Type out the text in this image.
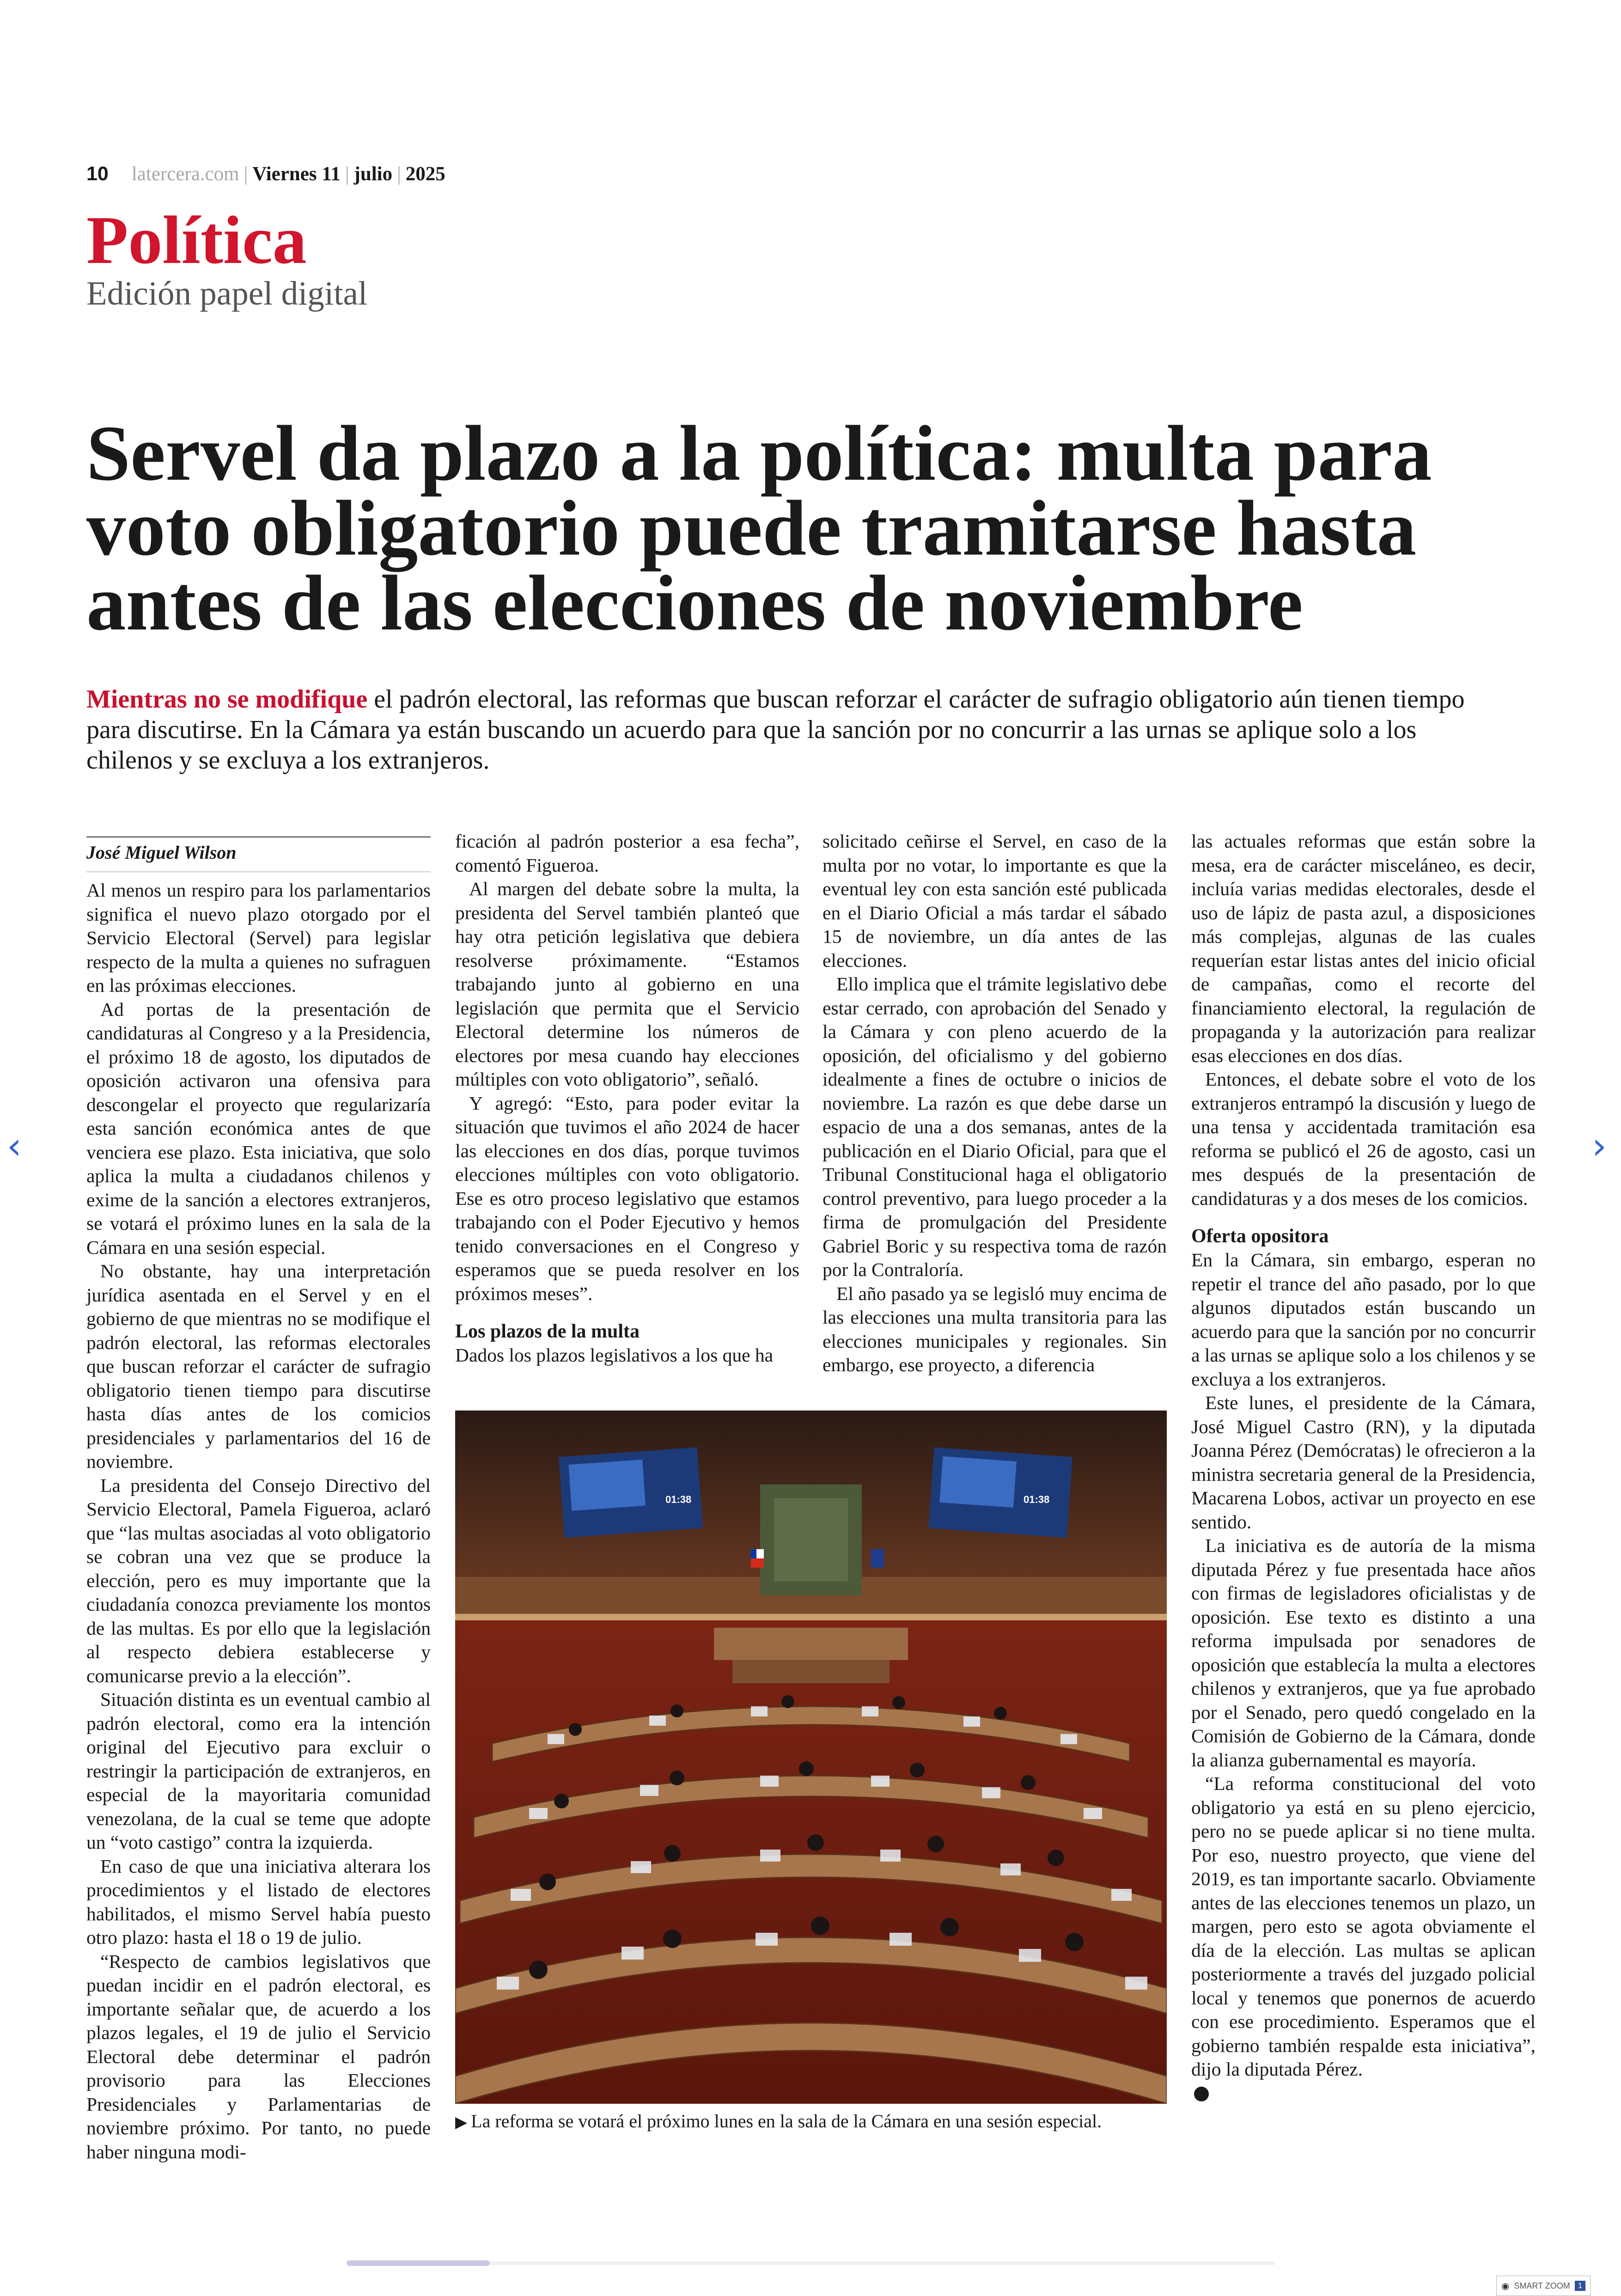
10 latercera.com | Viernes 11 | julio | 2025
Política
Edición papel digital
Servel da plazo a la política: multa para voto obligatorio puede tramitarse hasta antes de las elecciones de noviembre

Mientras no se modifique el padrón electoral, las reformas que buscan reforzar el carácter de sufragio obligatorio aún tienen tiempo para discutirse. En la Cámara ya están buscando un acuerdo para que la sanción por no concurrir a las urnas se aplique solo a los chilenos y se excluya a los extranjeros.

José Miguel Wilson

Al menos un respiro para los parlamentarios significa el nuevo plazo otorgado por el Servicio Electoral (Servel) para legislar respecto de la multa a quienes no sufraguen en las próximas elecciones.

Ad portas de la presentación de candidaturas al Congreso y a la Presidencia, el próximo 18 de agosto, los diputados de oposición activaron una ofensiva para descongelar el proyecto que regularizaría esta sanción económica antes de que venciera ese plazo. Esta iniciativa, que solo aplica la multa a ciudadanos chilenos y exime de la sanción a electores extranjeros, se votará el próximo lunes en la sala de la Cámara en una sesión especial.

No obstante, hay una interpretación jurídica asentada en el Servel y en el gobierno de que mientras no se modifique el padrón electoral, las reformas electorales que buscan reforzar el carácter de sufragio obligatorio tienen tiempo para discutirse hasta días antes de los comicios presidenciales y parlamentarios del 16 de noviembre.

La presidenta del Consejo Directivo del Servicio Electoral, Pamela Figueroa, aclaró que “las multas asociadas al voto obligatorio se cobran una vez que se produce la elección, pero es muy importante que la ciudadanía conozca previamente los montos de las multas. Es por ello que la legislación al respecto debiera establecerse y comunicarse previo a la elección”.

Situación distinta es un eventual cambio al padrón electoral, como era la intención original del Ejecutivo para excluir o restringir la participación de extranjeros, en especial de la mayoritaria comunidad venezolana, de la cual se teme que adopte un “voto castigo” contra la izquierda.

En caso de que una iniciativa alterara los procedimientos y el listado de electores habilitados, el mismo Servel había puesto otro plazo: hasta el 18 o 19 de julio.

“Respecto de cambios legislativos que puedan incidir en el padrón electoral, es importante señalar que, de acuerdo a los plazos legales, el 19 de julio el Servicio Electoral debe determinar el padrón provisorio para las Elecciones Presidenciales y Parlamentarias de noviembre próximo. Por tanto, no puede haber ninguna modi-

ficación al padrón posterior a esa fecha”, comentó Figueroa.

Al margen del debate sobre la multa, la presidenta del Servel también planteó que hay otra petición legislativa que debiera resolverse próximamente. “Estamos trabajando junto al gobierno en una legislación que permita que el Servicio Electoral determine los números de electores por mesa cuando hay elecciones múltiples con voto obligatorio”, señaló.

Y agregó: “Esto, para poder evitar la situación que tuvimos el año 2024 de hacer las elecciones en dos días, porque tuvimos elecciones múltiples con voto obligatorio. Ese es otro proceso legislativo que estamos trabajando con el Poder Ejecutivo y hemos tenido conversaciones en el Congreso y esperamos que se pueda resolver en los próximos meses”.

Los plazos de la multa

Dados los plazos legislativos a los que ha

solicitado ceñirse el Servel, en caso de la multa por no votar, lo importante es que la eventual ley con esta sanción esté publicada en el Diario Oficial a más tardar el sábado 15 de noviembre, un día antes de las elecciones.

Ello implica que el trámite legislativo debe estar cerrado, con aprobación del Senado y la Cámara y con pleno acuerdo de la oposición, del oficialismo y del gobierno idealmente a fines de octubre o inicios de noviembre. La razón es que debe darse un espacio de una a dos semanas, antes de la publicación en el Diario Oficial, para que el Tribunal Constitucional haga el obligatorio control preventivo, para luego proceder a la firma de promulgación del Presidente Gabriel Boric y su respectiva toma de razón por la Contraloría.

El año pasado ya se legisló muy encima de las elecciones una multa transitoria para las elecciones municipales y regionales. Sin embargo, ese proyecto, a diferencia

las actuales reformas que están sobre la mesa, era de carácter misceláneo, es decir, incluía varias medidas electorales, desde el uso de lápiz de pasta azul, a disposiciones más complejas, algunas de las cuales requerían estar listas antes del inicio oficial de campañas, como el recorte del financiamiento electoral, la regulación de propaganda y la autorización para realizar esas elecciones en dos días.

Entonces, el debate sobre el voto de los extranjeros entrampó la discusión y luego de una tensa y accidentada tramitación esa reforma se publicó el 26 de agosto, casi un mes después de la presentación de candidaturas y a dos meses de los comicios.

Oferta opositora

En la Cámara, sin embargo, esperan no repetir el trance del año pasado, por lo que algunos diputados están buscando un acuerdo para que la sanción por no concurrir a las urnas se aplique solo a los chilenos y se excluya a los extranjeros.

Este lunes, el presidente de la Cámara, José Miguel Castro (RN), y la diputada Joanna Pérez (Demócratas) le ofrecieron a la ministra secretaria general de la Presidencia, Macarena Lobos, activar un proyecto en ese sentido.

La iniciativa es de autoría de la misma diputada Pérez y fue presentada hace años con firmas de legisladores oficialistas y de oposición. Ese texto es distinto a una reforma impulsada por senadores de oposición que establecía la multa a electores chilenos y extranjeros, que ya fue aprobado por el Senado, pero quedó congelado en la Comisión de Gobierno de la Cámara, donde la alianza gubernamental es mayoría.

“La reforma constitucional del voto obligatorio ya está en su pleno ejercicio, pero no se puede aplicar si no tiene multa. Por eso, nuestro proyecto, que viene del 2019, es tan importante sacarlo. Obviamente antes de las elecciones tenemos un plazo, un margen, pero esto se agota obviamente el día de la elección. Las multas se aplican posteriormente a través del juzgado policial local y tenemos que ponernos de acuerdo con ese procedimiento. Esperamos que el gobierno también respalde esta iniciativa”, dijo la diputada Pérez.

01:38	01:38
▶ La reforma se votará el próximo lunes en la sala de la Cámara en una sesión especial.
‹	›
◉ SMART ZOOM	1
